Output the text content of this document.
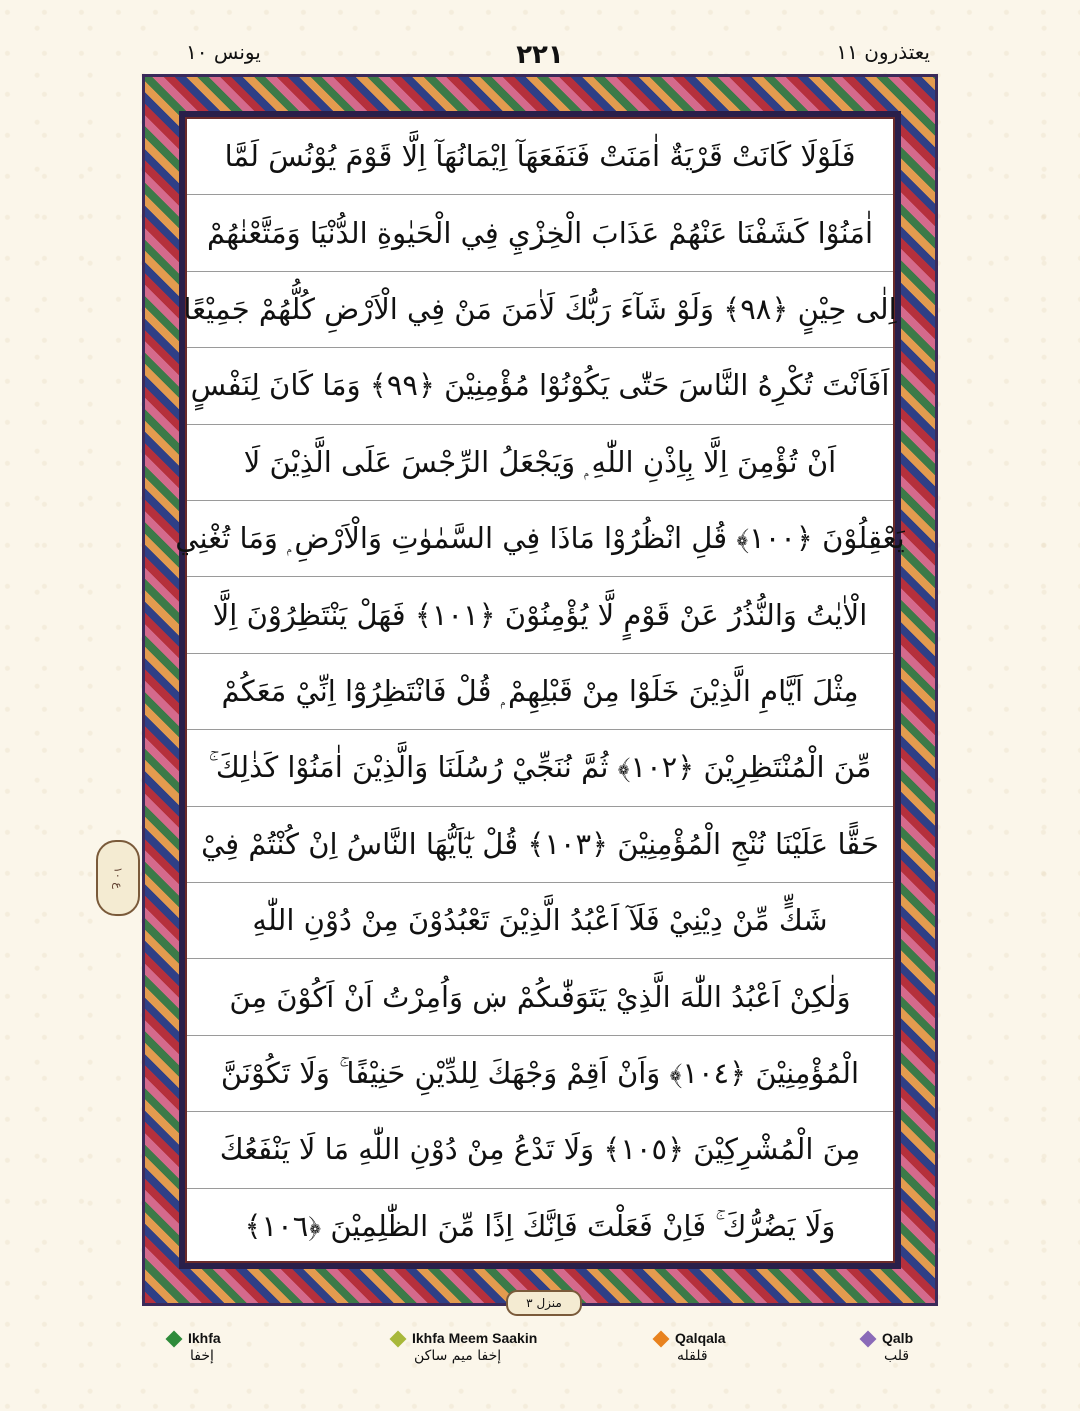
يونس ١٠	٢٢١	يعتذرون ١١
ع ١٠
فَلَوْلَا كَانَتْ قَرْيَةٌ اٰمَنَتْ فَنَفَعَهَآ اِيْمَانُهَآ اِلَّا قَوْمَ يُوْنُسَ لَمَّا
اٰمَنُوْا كَشَفْنَا عَنْهُمْ عَذَابَ الْخِزْيِ فِي الْحَيٰوةِ الدُّنْيَا وَمَتَّعْنٰهُمْ
اِلٰى حِيْنٍ ﴿٩٨﴾ وَلَوْ شَآءَ رَبُّكَ لَاٰمَنَ مَنْ فِي الْاَرْضِ كُلُّهُمْ جَمِيْعًا
اَفَاَنْتَ تُكْرِهُ النَّاسَ حَتّٰى يَكُوْنُوْا مُؤْمِنِيْنَ ﴿٩٩﴾ وَمَا كَانَ لِنَفْسٍ
اَنْ تُؤْمِنَ اِلَّا بِاِذْنِ اللّٰهِ ۭ وَيَجْعَلُ الرِّجْسَ عَلَى الَّذِيْنَ لَا
يَعْقِلُوْنَ ﴿١٠٠﴾ قُلِ انْظُرُوْا مَاذَا فِي السَّمٰوٰتِ وَالْاَرْضِ ۭ وَمَا تُغْنِي
الْاٰيٰتُ وَالنُّذُرُ عَنْ قَوْمٍ لَّا يُؤْمِنُوْنَ ﴿١٠١﴾ فَهَلْ يَنْتَظِرُوْنَ اِلَّا
مِثْلَ اَيَّامِ الَّذِيْنَ خَلَوْا مِنْ قَبْلِهِمْ ۭ قُلْ فَانْتَظِرُوْٓا اِنِّيْ مَعَكُمْ
مِّنَ الْمُنْتَظِرِيْنَ ﴿١٠٢﴾ ثُمَّ نُنَجِّيْ رُسُلَنَا وَالَّذِيْنَ اٰمَنُوْا كَذٰلِكَ ۚ
حَقًّا عَلَيْنَا نُنْجِ الْمُؤْمِنِيْنَ ﴿١٠٣﴾ قُلْ يٰٓاَيُّهَا النَّاسُ اِنْ كُنْتُمْ فِيْ
شَكٍّ مِّنْ دِيْنِيْ فَلَآ اَعْبُدُ الَّذِيْنَ تَعْبُدُوْنَ مِنْ دُوْنِ اللّٰهِ
وَلٰكِنْ اَعْبُدُ اللّٰهَ الَّذِيْ يَتَوَفّٰىكُمْ ښ وَاُمِرْتُ اَنْ اَكُوْنَ مِنَ
الْمُؤْمِنِيْنَ ﴿١٠٤﴾ وَاَنْ اَقِمْ وَجْهَكَ لِلدِّيْنِ حَنِيْفًا ۚ وَلَا تَكُوْنَنَّ
مِنَ الْمُشْرِكِيْنَ ﴿١٠٥﴾ وَلَا تَدْعُ مِنْ دُوْنِ اللّٰهِ مَا لَا يَنْفَعُكَ
وَلَا يَضُرُّكَ ۚ فَاِنْ فَعَلْتَ فَاِنَّكَ اِذًا مِّنَ الظّٰلِمِيْنَ ﴿١٠٦﴾
منزل ٣
Ikhfa
إخفا
Ikhfa Meem Saakin
إخفا ميم ساكن
Qalqala
قلقله
Qalb
قلب
